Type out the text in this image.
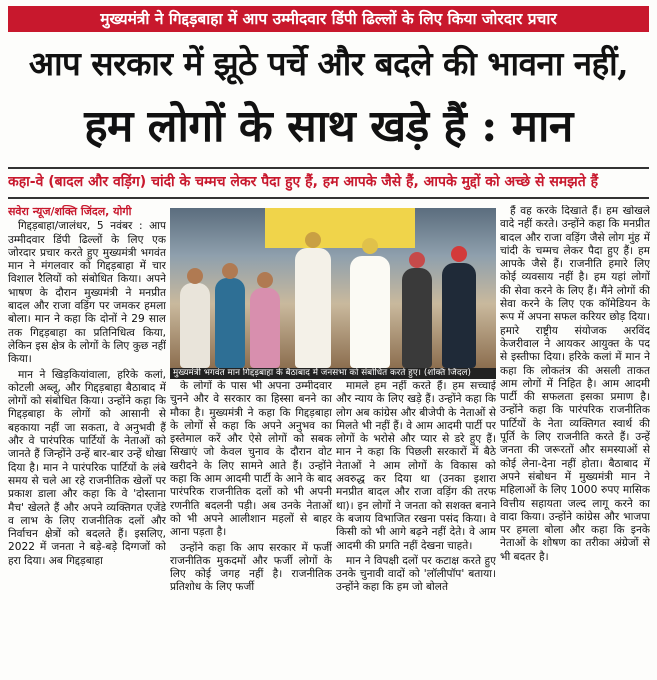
मुख्यमंत्री ने गिद्दड़बाहा में आप उम्मीदवार डिंपी ढिल्लों के लिए किया जोरदार प्रचार
आप सरकार में झूठे पर्चे और बदले की भावना नहीं,
हम लोगों के साथ खड़े हैं : मान
कहा-वे (बादल और वड़िंग) चांदी के चम्मच लेकर पैदा हुए हैं, हम आपके जैसे हैं, आपके मुद्दों को अच्छे से समझते हैं

सवेरा न्यूज/शक्ति जिंदल, योगी

गिद्दड़बाहा/जालंधर, 5 नवंबर : आप उम्मीदवार डिंपी ढिल्लों के लिए एक जोरदार प्रचार करते हुए मुख्यमंत्री भगवंत मान ने मंगलवार को गिद्दड़बाहा में चार विशाल रैलियों को संबोधित किया। अपने भाषण के दौरान मुख्यमंत्री ने मनप्रीत बादल और राजा वड़िंग पर जमकर हमला बोला। मान ने कहा कि दोनों ने 29 साल तक गिद्दड़बाहा का प्रतिनिधित्व किया, लेकिन इस क्षेत्र के लोगों के लिए कुछ नहीं किया।

मान ने खिड़कियांवाला, हरिके कलां, कोटली अब्लू, और गिद्दड़बाहा बैठाबाद में लोगों को संबोधित किया। उन्होंने कहा कि गिद्दड़बाहा के लोगों को आसानी से बहकाया नहीं जा सकता, वे अनुभवी हैं और वे पारंपरिक पार्टियों के नेताओं को जानते हैं जिन्होंने उन्हें बार-बार उन्हें धोखा दिया है। मान ने पारंपरिक पार्टियों के लंबे समय से चले आ रहे राजनीतिक खेलों पर प्रकाश डाला और कहा कि वे 'दोस्ताना मैच' खेलते हैं और अपने व्यक्तिगत एजेंडे व लाभ के लिए राजनीतिक दलों और निर्वाचन क्षेत्रों को बदलते हैं। इसलिए, 2022 में जनता ने बड़े-बड़े दिग्गजों को हरा दिया। अब गिद्दड़बाहा

मुख्यमंत्री भगवंत मान गिद्दड़बाहा के बैठाबाद में जनसभा को संबोधित करते हुए। (शक्ति जिंदल)

के लोगों के पास भी अपना उम्मीदवार चुनने और वे सरकार का हिस्सा बनने का मौका है। मुख्यमंत्री ने कहा कि गिद्दड़बाहा के लोगों से कहा कि अपने अनुभव का इस्तेमाल करें और ऐसे लोगों को सबक सिखाएं जो केवल चुनाव के दौरान वोट खरीदने के लिए सामने आते हैं। उन्होंने कहा कि आम आदमी पार्टी के आने के बाद पारंपरिक राजनीतिक दलों को भी अपनी रणनीति बदलनी पड़ी। अब उनके नेताओं को भी अपने आलीशान महलों से बाहर आना पड़ता है।

उन्होंने कहा कि आप सरकार में फर्जी राजनीतिक मुकदमों और फर्जी लोगों के लिए कोई जगह नहीं है। राजनीतिक प्रतिशोध के लिए फर्जी

मामले हम नहीं करते हैं। हम सच्चाई और न्याय के लिए खड़े हैं। उन्होंने कहा कि लोग अब कांग्रेस और बीजेपी के नेताओं से मिलते भी नहीं हैं। वे आम आदमी पार्टी पर लोगों के भरोसे और प्यार से डरे हुए हैं। मान ने कहा कि पिछली सरकारों में बैठे नेताओं ने आम लोगों के विकास को अवरुद्ध कर दिया था (उनका इशारा मनप्रीत बादल और राजा वड़िंग की तरफ था)। इन लोगों ने जनता को सशक्त बनाने के बजाय विभाजित रखना पसंद किया। वे किसी को भी आगे बढ़ने नहीं देते। वे आम आदमी की प्रगति नहीं देखना चाहते।

मान ने विपक्षी दलों पर कटाक्ष करते हुए उनके चुनावी वादों को 'लॉलीपॉप' बताया। उन्होंने कहा कि हम जो बोलते

हैं वह करके दिखाते हैं। हम खोखले वादे नहीं करते। उन्होंने कहा कि मनप्रीत बादल और राजा वड़िंग जैसे लोग मुंह में चांदी के चम्मच लेकर पैदा हुए हैं। हम आपके जैसे हैं। राजनीति हमारे लिए कोई व्यवसाय नहीं है। हम यहां लोगों की सेवा करने के लिए हैं। मैंने लोगों की सेवा करने के लिए एक कॉमेडियन के रूप में अपना सफल करियर छोड़ दिया। हमारे राष्ट्रीय संयोजक अरविंद केजरीवाल ने आयकर आयुक्त के पद से इस्तीफा दिया। हरिके कलां में मान ने कहा कि लोकतंत्र की असली ताकत आम लोगों में निहित है। आम आदमी पार्टी की सफलता इसका प्रमाण है। उन्होंने कहा कि पारंपरिक राजनीतिक पार्टियों के नेता व्यक्तिगत स्वार्थ की पूर्ति के लिए राजनीति करते हैं। उन्हें जनता की जरूरतों और समस्याओं से कोई लेना-देना नहीं होता। बैठाबाद में अपने संबोधन में मुख्यमंत्री मान ने महिलाओं के लिए 1000 रुपए मासिक वित्तीय सहायता जल्द लागू करने का वादा किया। उन्होंने कांग्रेस और भाजपा पर हमला बोला और कहा कि इनके नेताओं के शोषण का तरीका अंग्रेजों से भी बदतर है।
